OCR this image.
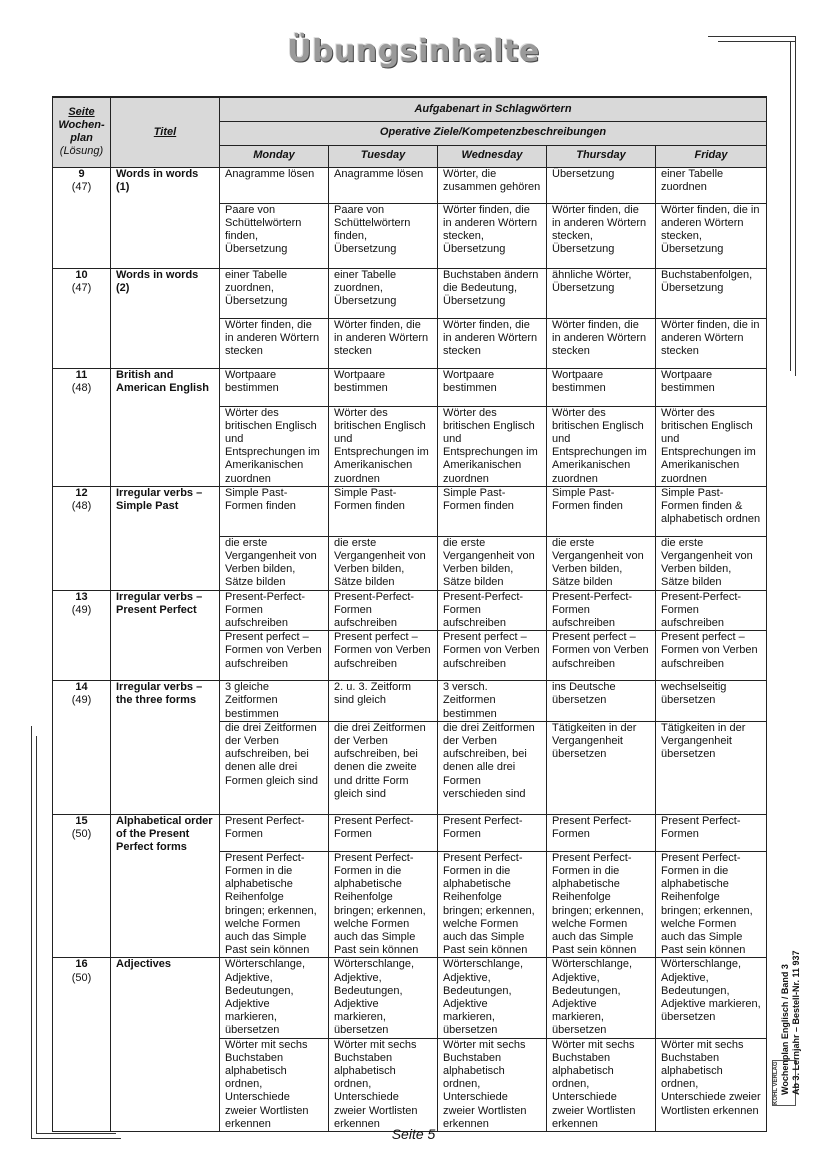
Übungsinhalte
Seite
Wochen-plan
(Lösung)	Titel	Aufgabenart in Schlagwörtern				
		Operative Ziele/Kompetenzbeschreibungen				
		Monday	Tuesday	Wednesday	Thursday	Friday
9
(47)	Words in words (1)	Anagramme lösen	Anagramme lösen	Wörter, die zusammen gehören	Übersetzung	einer Tabelle zuordnen
		Paare von Schüttelwörtern finden, Übersetzung	Paare von Schüttelwörtern finden, Übersetzung	Wörter finden, die in anderen Wörtern stecken, Übersetzung	Wörter finden, die in anderen Wörtern stecken, Übersetzung	Wörter finden, die in anderen Wörtern stecken, Übersetzung
10
(47)	Words in words (2)	einer Tabelle zuordnen, Übersetzung	einer Tabelle zuordnen, Übersetzung	Buchstaben ändern die Bedeutung, Übersetzung	ähnliche Wörter, Übersetzung	Buchstabenfolgen, Übersetzung
		Wörter finden, die in anderen Wörtern stecken	Wörter finden, die in anderen Wörtern stecken	Wörter finden, die in anderen Wörtern stecken	Wörter finden, die in anderen Wörtern stecken	Wörter finden, die in anderen Wörtern stecken
11
(48)	British and American English	Wortpaare bestimmen	Wortpaare bestimmen	Wortpaare bestimmen	Wortpaare bestimmen	Wortpaare bestimmen
		Wörter des britischen Englisch und Entsprechungen im Amerikanischen zuordnen	Wörter des britischen Englisch und Entsprechungen im Amerikanischen zuordnen	Wörter des britischen Englisch und Entsprechungen im Amerikanischen zuordnen	Wörter des britischen Englisch und Entsprechungen im Amerikanischen zuordnen	Wörter des britischen Englisch und Entsprechungen im Amerikanischen zuordnen
12
(48)	Irregular verbs – Simple Past	Simple Past-Formen finden	Simple Past-Formen finden	Simple Past-Formen finden	Simple Past-Formen finden	Simple Past-Formen finden & alphabetisch ordnen
		die erste Vergangenheit von Verben bilden, Sätze bilden	die erste Vergangenheit von Verben bilden, Sätze bilden	die erste Vergangenheit von Verben bilden, Sätze bilden	die erste Vergangenheit von Verben bilden, Sätze bilden	die erste Vergangenheit von Verben bilden, Sätze bilden
13
(49)	Irregular verbs – Present Perfect	Present-Perfect-Formen aufschreiben	Present-Perfect-Formen aufschreiben	Present-Perfect-Formen aufschreiben	Present-Perfect-Formen aufschreiben	Present-Perfect-Formen aufschreiben
		Present perfect – Formen von Verben aufschreiben	Present perfect – Formen von Verben aufschreiben	Present perfect – Formen von Verben aufschreiben	Present perfect – Formen von Verben aufschreiben	Present perfect – Formen von Verben aufschreiben
14
(49)	Irregular verbs – the three forms	3 gleiche Zeitformen bestimmen	2. u. 3. Zeitform sind gleich	3 versch. Zeitformen bestimmen	ins Deutsche übersetzen	wechselseitig übersetzen
		die drei Zeitformen der Verben aufschreiben, bei denen alle drei Formen gleich sind	die drei Zeitformen der Verben aufschreiben, bei denen die zweite und dritte Form gleich sind	die drei Zeitformen der Verben aufschreiben, bei denen alle drei Formen verschieden sind	Tätigkeiten in der Vergangenheit übersetzen	Tätigkeiten in der Vergangenheit übersetzen
15
(50)	Alphabetical order of the Present Perfect forms	Present Perfect-Formen	Present Perfect-Formen	Present Perfect-Formen	Present Perfect-Formen	Present Perfect-Formen
		Present Perfect-Formen in die alphabetische Reihenfolge bringen; erkennen, welche Formen auch das Simple Past sein können	Present Perfect-Formen in die alphabetische Reihenfolge bringen; erkennen, welche Formen auch das Simple Past sein können	Present Perfect-Formen in die alphabetische Reihenfolge bringen; erkennen, welche Formen auch das Simple Past sein können	Present Perfect-Formen in die alphabetische Reihenfolge bringen; erkennen, welche Formen auch das Simple Past sein können	Present Perfect-Formen in die alphabetische Reihenfolge bringen; erkennen, welche Formen auch das Simple Past sein können
16
(50)	Adjectives	Wörterschlange, Adjektive, Bedeutungen, Adjektive markieren, übersetzen	Wörterschlange, Adjektive, Bedeutungen, Adjektive markieren, übersetzen	Wörterschlange, Adjektive, Bedeutungen, Adjektive markieren, übersetzen	Wörterschlange, Adjektive, Bedeutungen, Adjektive markieren, übersetzen	Wörterschlange, Adjektive, Bedeutungen, Adjektive markieren, übersetzen
		Wörter mit sechs Buchstaben alphabetisch ordnen, Unterschiede zweier Wortlisten erkennen	Wörter mit sechs Buchstaben alphabetisch ordnen, Unterschiede zweier Wortlisten erkennen	Wörter mit sechs Buchstaben alphabetisch ordnen, Unterschiede zweier Wortlisten erkennen	Wörter mit sechs Buchstaben alphabetisch ordnen, Unterschiede zweier Wortlisten erkennen	Wörter mit sechs Buchstaben alphabetisch ordnen, Unterschiede zweier Wortlisten erkennen
Seite 5
KOHL VERLAG Wochenplan Englisch / Band 3 Ab 3. Lernjahr – Bestell-Nr. 11 937
